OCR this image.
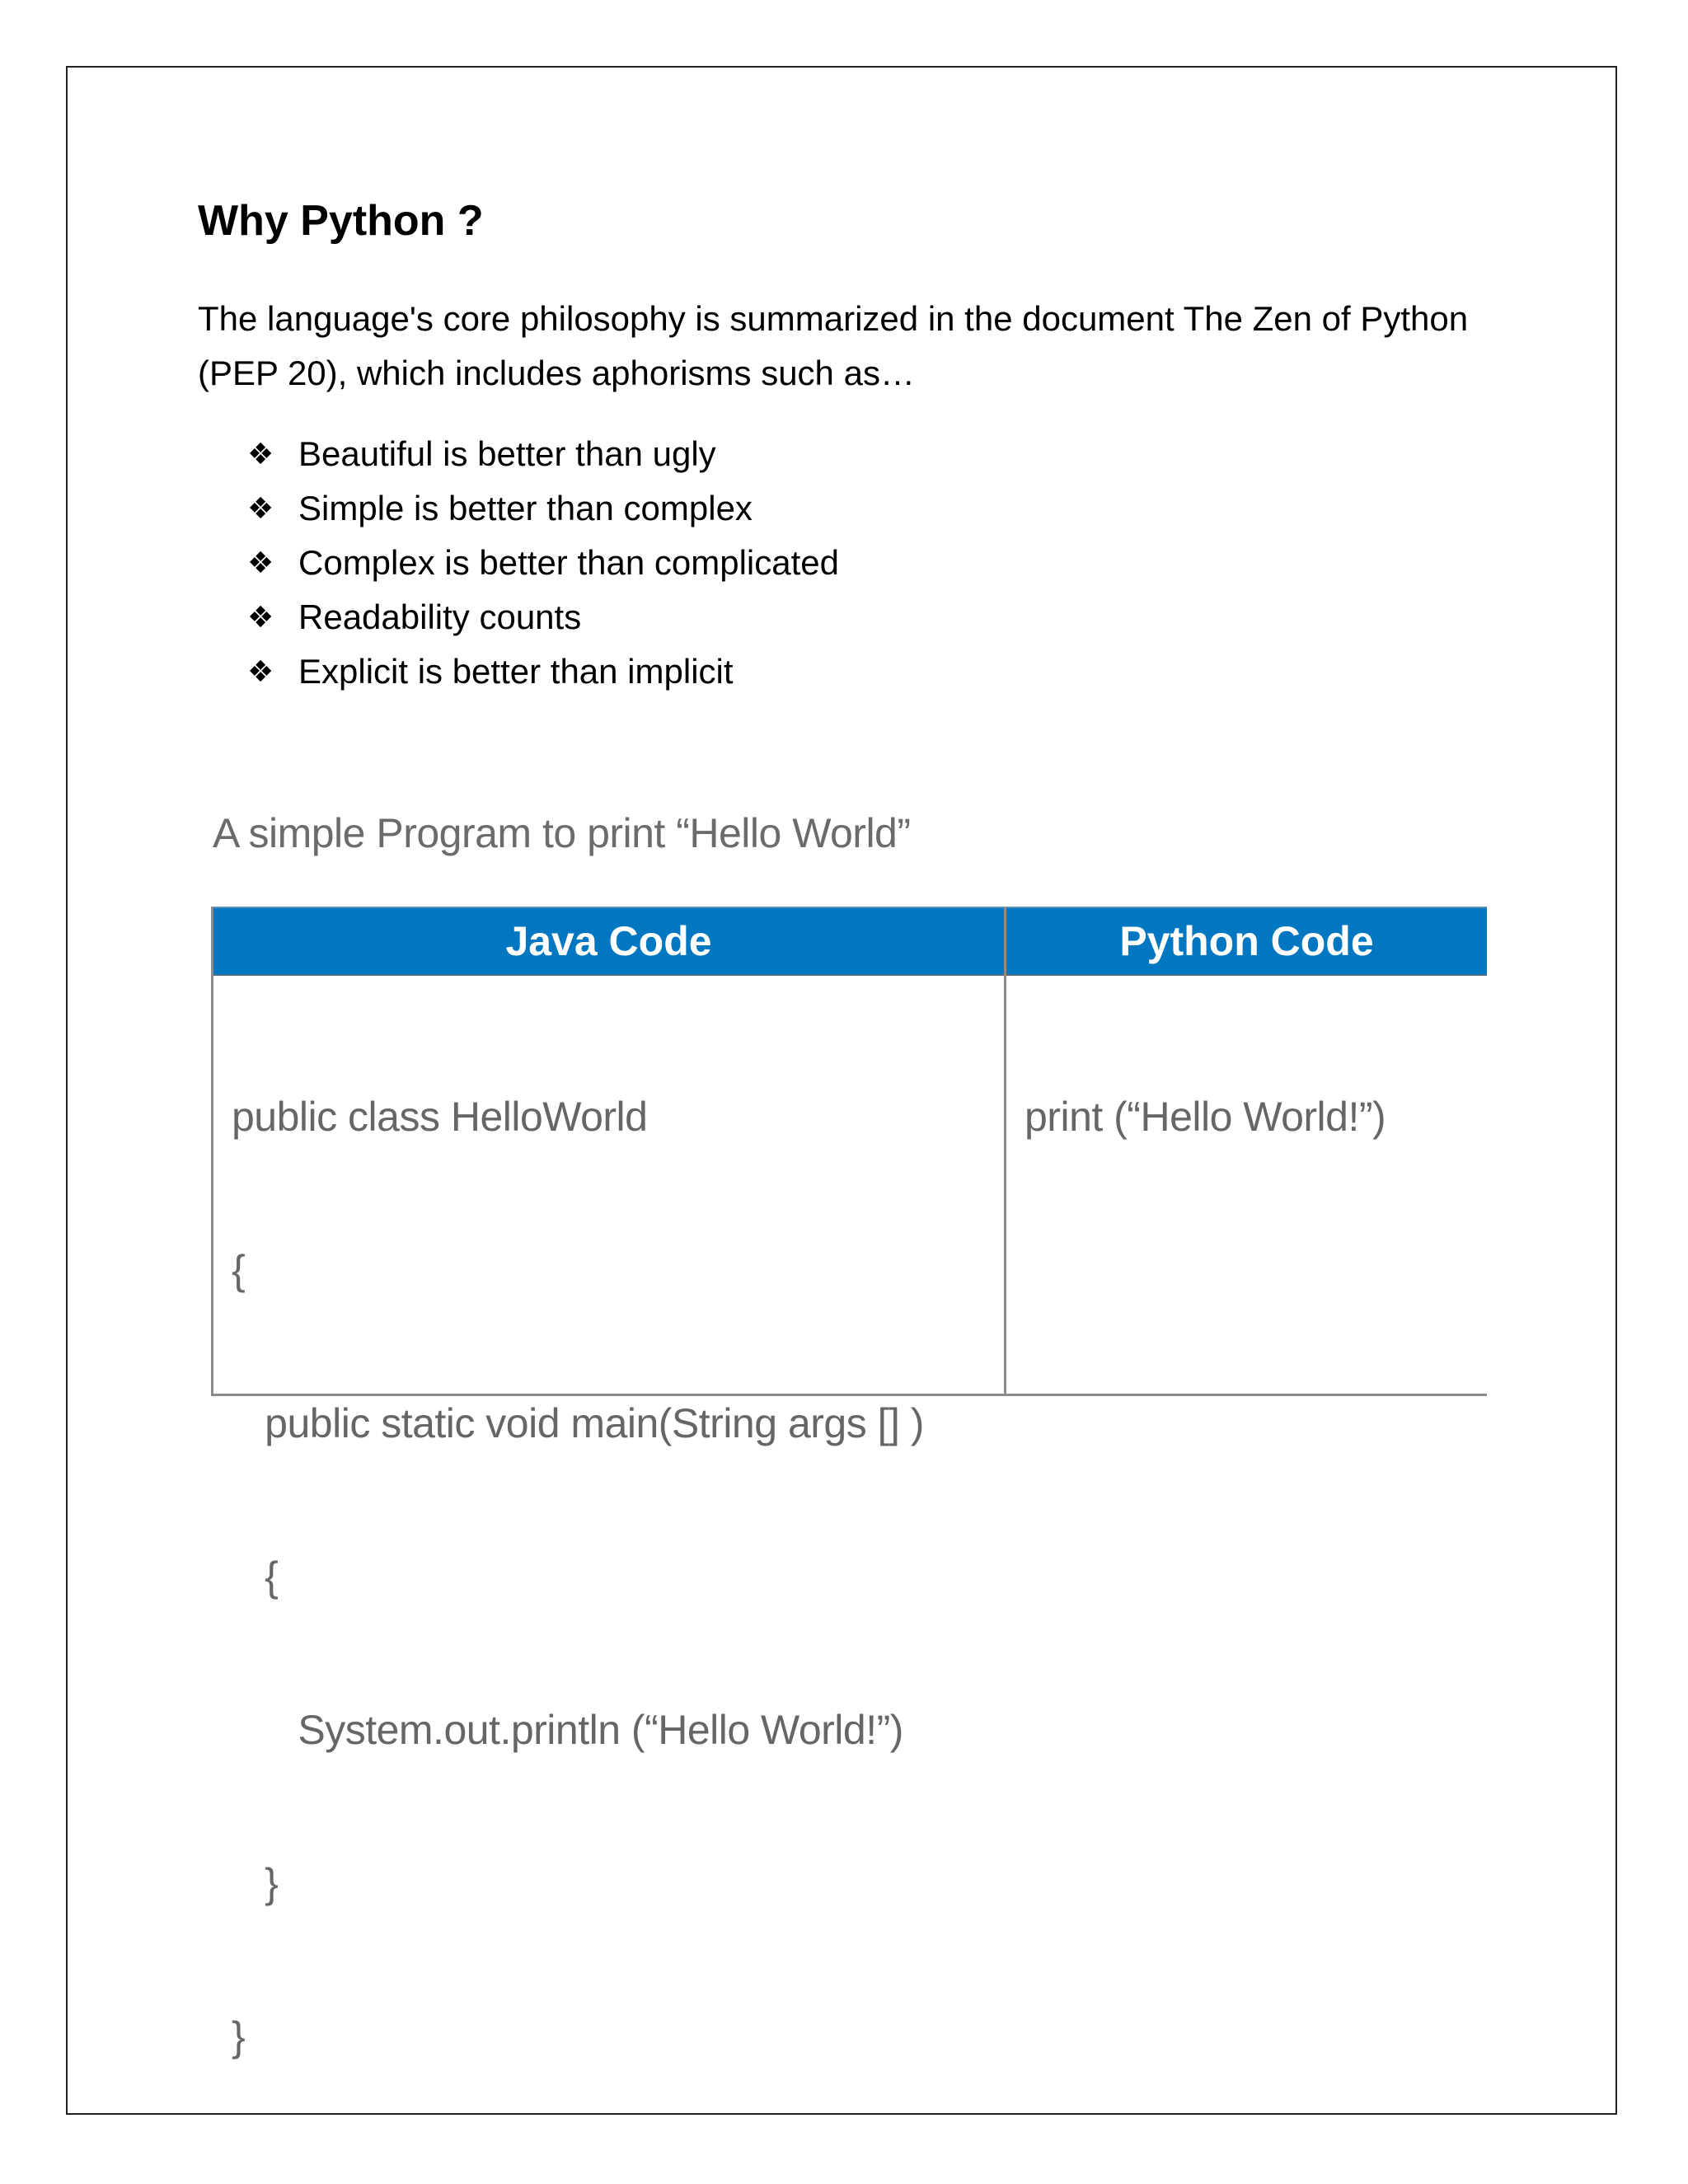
Why Python ?

The language's core philosophy is summarized in the document The Zen of Python (PEP 20), which includes aphorisms such as…

❖ Beautiful is better than ugly
❖ Simple is better than complex
❖ Complex is better than complicated
❖ Readability counts
❖ Explicit is better than implicit

A simple Program to print “Hello World”

Java Code

public class HelloWorld

{

public static void main(String args [] )

{

System.out.println (“Hello World!”)

}

}

Python Code

print (“Hello World!”)
